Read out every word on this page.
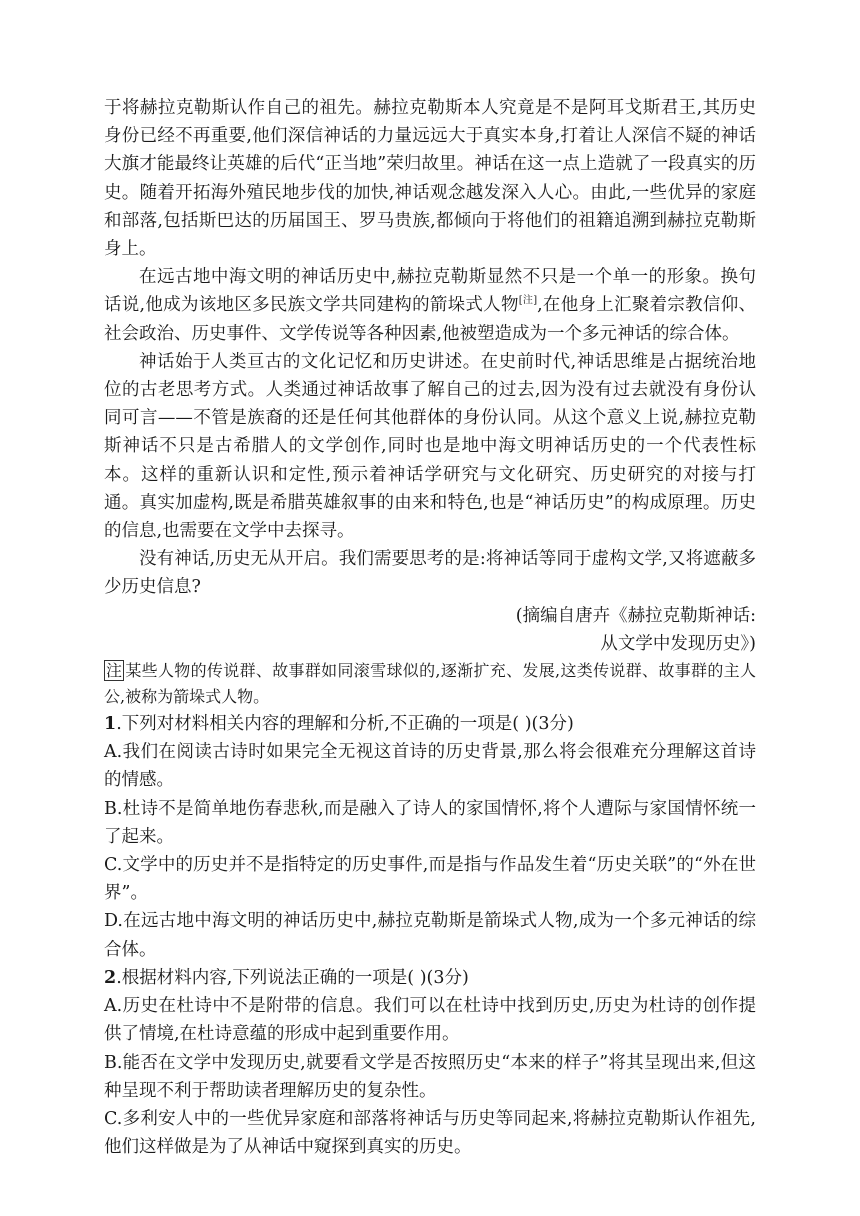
于将赫拉克勒斯认作自己的祖先。赫拉克勒斯本人究竟是不是阿耳戈斯君王,其历史身份已经不再重要,他们深信神话的力量远远大于真实本身,打着让人深信不疑的神话大旗才能最终让英雄的后代“正当地”荣归故里。神话在这一点上造就了一段真实的历史。随着开拓海外殖民地步伐的加快,神话观念越发深入人心。由此,一些优异的家庭和部落,包括斯巴达的历届国王、罗马贵族,都倾向于将他们的祖籍追溯到赫拉克勒斯身上。

在远古地中海文明的神话历史中,赫拉克勒斯显然不只是一个单一的形象。换句话说,他成为该地区多民族文学共同建构的箭垛式人物[注],在他身上汇聚着宗教信仰、社会政治、历史事件、文学传说等各种因素,他被塑造成为一个多元神话的综合体。

神话始于人类亘古的文化记忆和历史讲述。在史前时代,神话思维是占据统治地位的古老思考方式。人类通过神话故事了解自己的过去,因为没有过去就没有身份认同可言——不管是族裔的还是任何其他群体的身份认同。从这个意义上说,赫拉克勒斯神话不只是古希腊人的文学创作,同时也是地中海文明神话历史的一个代表性标本。这样的重新认识和定性,预示着神话学研究与文化研究、历史研究的对接与打通。真实加虚构,既是希腊英雄叙事的由来和特色,也是“神话历史”的构成原理。历史的信息,也需要在文学中去探寻。

没有神话,历史无从开启。我们需要思考的是:将神话等同于虚构文学,又将遮蔽多少历史信息?

(摘编自唐卉《赫拉克勒斯神话:
从文学中发现历史》)

注 某些人物的传说群、故事群如同滚雪球似的,逐渐扩充、发展,这类传说群、故事群的主人公,被称为箭垛式人物。

1.下列对材料相关内容的理解和分析,不正确的一项是( )(3分)

A.我们在阅读古诗时如果完全无视这首诗的历史背景,那么将会很难充分理解这首诗的情感。

B.杜诗不是简单地伤春悲秋,而是融入了诗人的家国情怀,将个人遭际与家国情怀统一了起来。

C.文学中的历史并不是指特定的历史事件,而是指与作品发生着“历史关联”的“外在世界”。

D.在远古地中海文明的神话历史中,赫拉克勒斯是箭垛式人物,成为一个多元神话的综合体。

2.根据材料内容,下列说法正确的一项是( )(3分)

A.历史在杜诗中不是附带的信息。我们可以在杜诗中找到历史,历史为杜诗的创作提供了情境,在杜诗意蕴的形成中起到重要作用。

B.能否在文学中发现历史,就要看文学是否按照历史“本来的样子”将其呈现出来,但这种呈现不利于帮助读者理解历史的复杂性。

C.多利安人中的一些优异家庭和部落将神话与历史等同起来,将赫拉克勒斯认作祖先,他们这样做是为了从神话中窥探到真实的历史。
